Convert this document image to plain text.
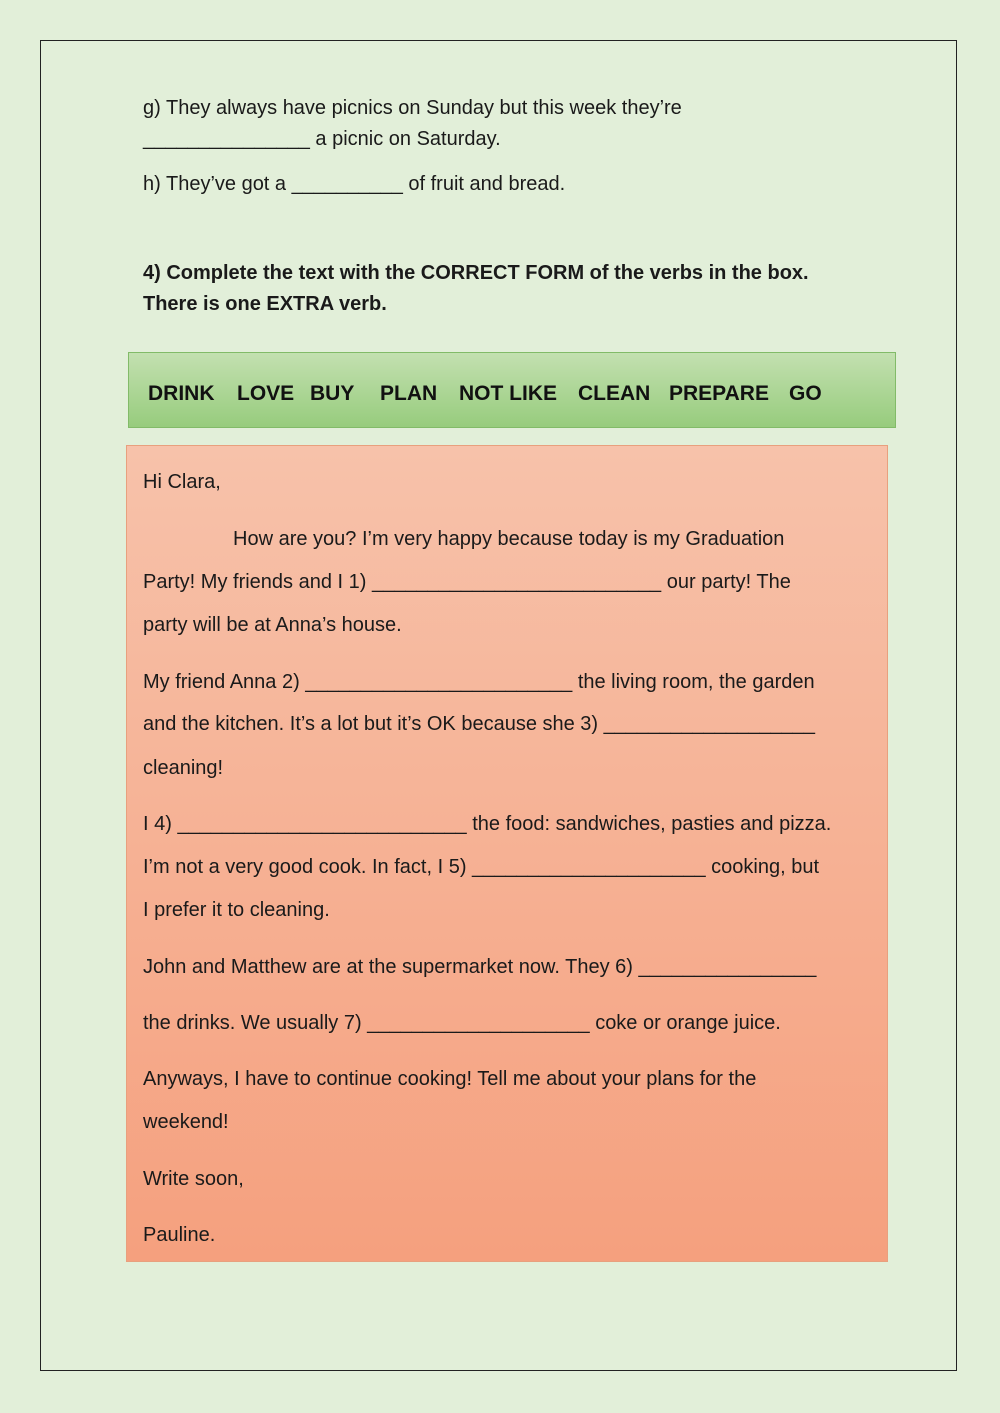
g) They always have picnics on Sunday but this week they’re
_______________ a picnic on Saturday.
h) They’ve got a __________ of fruit and bread.
4) Complete the text with the CORRECT FORM of the verbs in the box.
There is one EXTRA verb.
DRINK LOVE BUY PLAN NOT LIKE CLEAN PREPARE GO
Hi Clara,
How are you? I’m very happy because today is my Graduation
Party! My friends and I 1) __________________________ our party! The
party will be at Anna’s house.
My friend Anna 2) ________________________ the living room, the garden
and the kitchen. It’s a lot but it’s OK because she 3) ___________________
cleaning!
I 4) __________________________ the food: sandwiches, pasties and pizza.
I’m not a very good cook. In fact, I 5) _____________________ cooking, but
I prefer it to cleaning.
John and Matthew are at the supermarket now. They 6) ________________
the drinks. We usually 7) ____________________ coke or orange juice.
Anyways, I have to continue cooking! Tell me about your plans for the
weekend!
Write soon,
Pauline.
